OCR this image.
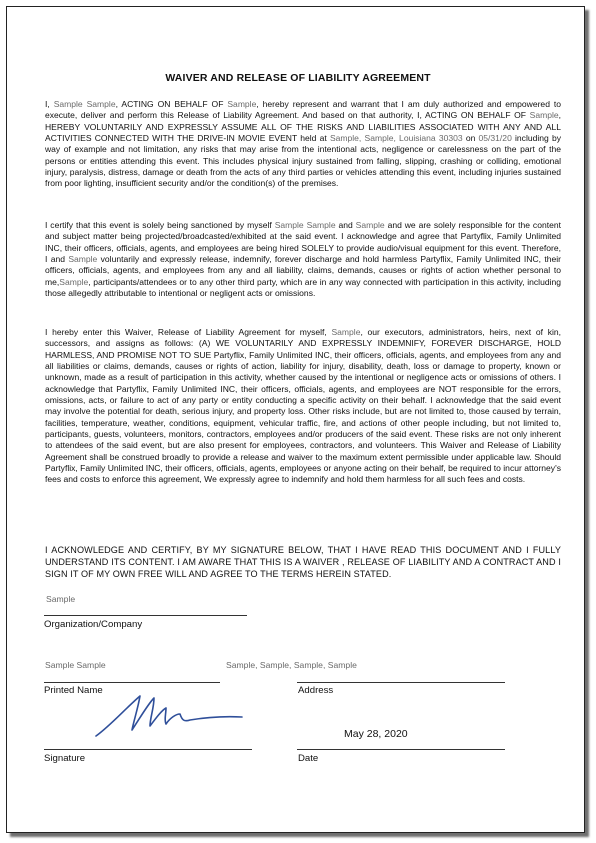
WAIVER AND RELEASE OF LIABILITY AGREEMENT

I, Sample Sample, ACTING ON BEHALF OF Sample, hereby represent and warrant that I am duly authorized and empowered to execute, deliver and perform this Release of Liability Agreement. And based on that authority, I, ACTING ON BEHALF OF Sample, HEREBY VOLUNTARILY AND EXPRESSLY ASSUME ALL OF THE RISKS AND LIABILITIES ASSOCIATED WITH ANY AND ALL ACTIVITIES CONNECTED WITH THE DRIVE-IN MOVIE EVENT held at Sample, Sample, Louisiana 30303 on 05/31/20 including by way of example and not limitation, any risks that may arise from the intentional acts, negligence or carelessness on the part of the persons or entities attending this event. This includes physical injury sustained from falling, slipping, crashing or colliding, emotional injury, paralysis, distress, damage or death from the acts of any third parties or vehicles attending this event, including injuries sustained from poor lighting, insufficient security and/or the condition(s) of the premises.

I certify that this event is solely being sanctioned by myself Sample Sample and Sample and we are solely responsible for the content and subject matter being projected/broadcasted/exhibited at the said event. I acknowledge and agree that Partyflix, Family Unlimited INC, their officers, officials, agents, and employees are being hired SOLELY to provide audio/visual equipment for this event. Therefore, I and Sample voluntarily and expressly release, indemnify, forever discharge and hold harmless Partyflix, Family Unlimited INC, their officers, officials, agents, and employees from any and all liability, claims, demands, causes or rights of action whether personal to me,Sample, participants/attendees or to any other third party, which are in any way connected with participation in this activity, including those allegedly attributable to intentional or negligent acts or omissions.

I hereby enter this Waiver, Release of Liability Agreement for myself, Sample, our executors, administrators, heirs, next of kin, successors, and assigns as follows: (A) WE VOLUNTARILY AND EXPRESSLY INDEMNIFY, FOREVER DISCHARGE, HOLD HARMLESS, AND PROMISE NOT TO SUE Partyflix, Family Unlimited INC, their officers, officials, agents, and employees from any and all liabilities or claims, demands, causes or rights of action, liability for injury, disability, death, loss or damage to property, known or unknown, made as a result of participation in this activity, whether caused by the intentional or negligence acts or omissions of others. I acknowledge that Partyflix, Family Unlimited INC, their officers, officials, agents, and employees are NOT responsible for the errors, omissions, acts, or failure to act of any party or entity conducting a specific activity on their behalf. I acknowledge that the said event may involve the potential for death, serious injury, and property loss. Other risks include, but are not limited to, those caused by terrain, facilities, temperature, weather, conditions, equipment, vehicular traffic, fire, and actions of other people including, but not limited to, participants, guests, volunteers, monitors, contractors, employees and/or producers of the said event. These risks are not only inherent to attendees of the said event, but are also present for employees, contractors, and volunteers. This Waiver and Release of Liability Agreement shall be construed broadly to provide a release and waiver to the maximum extent permissible under applicable law. Should Partyflix, Family Unlimited INC, their officers, officials, agents, employees or anyone acting on their behalf, be required to incur attorney's fees and costs to enforce this agreement, We expressly agree to indemnify and hold them harmless for all such fees and costs.

I ACKNOWLEDGE AND CERTIFY, BY MY SIGNATURE BELOW, THAT I HAVE READ THIS DOCUMENT AND I FULLY UNDERSTAND ITS CONTENT. I AM AWARE THAT THIS IS A WAIVER , RELEASE OF LIABILITY AND A CONTRACT AND I SIGN IT OF MY OWN FREE WILL AND AGREE TO THE TERMS HEREIN STATED.

Sample
Organization/Company
Sample Sample
Printed Name
Sample, Sample, Sample, Sample
Address
Signature
May 28, 2020
Date
